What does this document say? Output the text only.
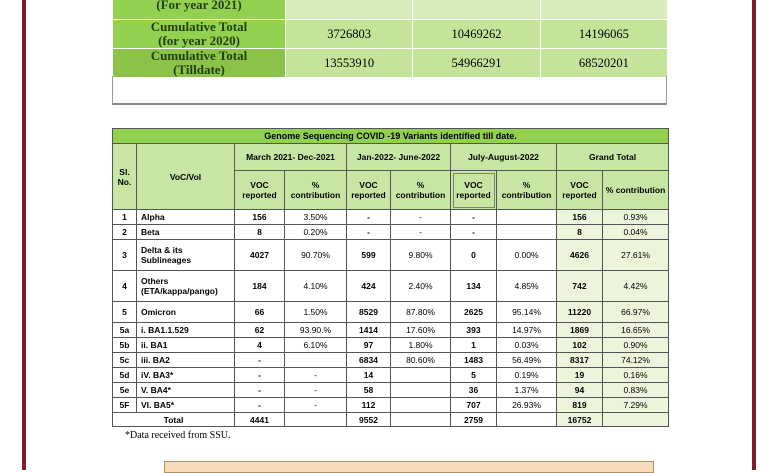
(For year 2021)			

Cumulative Total
(for year 2020)	3726803	10469262	14196065

Cumulative Total
(Tilldate)	13553910	54966291	68520201
Genome Sequencing COVID -19 Variants identified till date.									
Sl. No.	VoC/VoI	March 2021- Dec-2021		Jan-2022- June-2022		July-August-2022		Grand Total	
		VOC reported	% contribution	VOC reported	% contribution	VOC reported	% contribution	VOC reported	% contribution
1	Alpha	156	3.50%	-	-	-		156	0.93%
2	Beta	8	0.20%	-	-	-		8	0.04%
3	Delta & its Sublineages	4027	90.70%	599	9.80%	0	0.00%	4626	27.61%
4	Others (ETA/kappa/pango)	184	4.10%	424	2.40%	134	4.85%	742	4.42%
5	Omicron	66	1.50%	8529	87.80%	2625	95.14%	11220	66.97%
5a	i. BA1.1.529	62	93.90.%	1414	17.60%	393	14.97%	1869	16.65%
5b	ii. BA1	4	6.10%	97	1.80%	1	0.03%	102	0.90%
5c	iii. BA2	-		6834	80.60%	1483	56.49%	8317	74.12%
5d	iV. BA3*	-	-	14		5	0.19%	19	0.16%
5e	V. BA4*	-	-	58		36	1.37%	94	0.83%
5F	VI. BA5*	-	-	112		707	26.93%	819	7.29%
Total		4441		9552		2759		16752	
*Data received from SSU.
